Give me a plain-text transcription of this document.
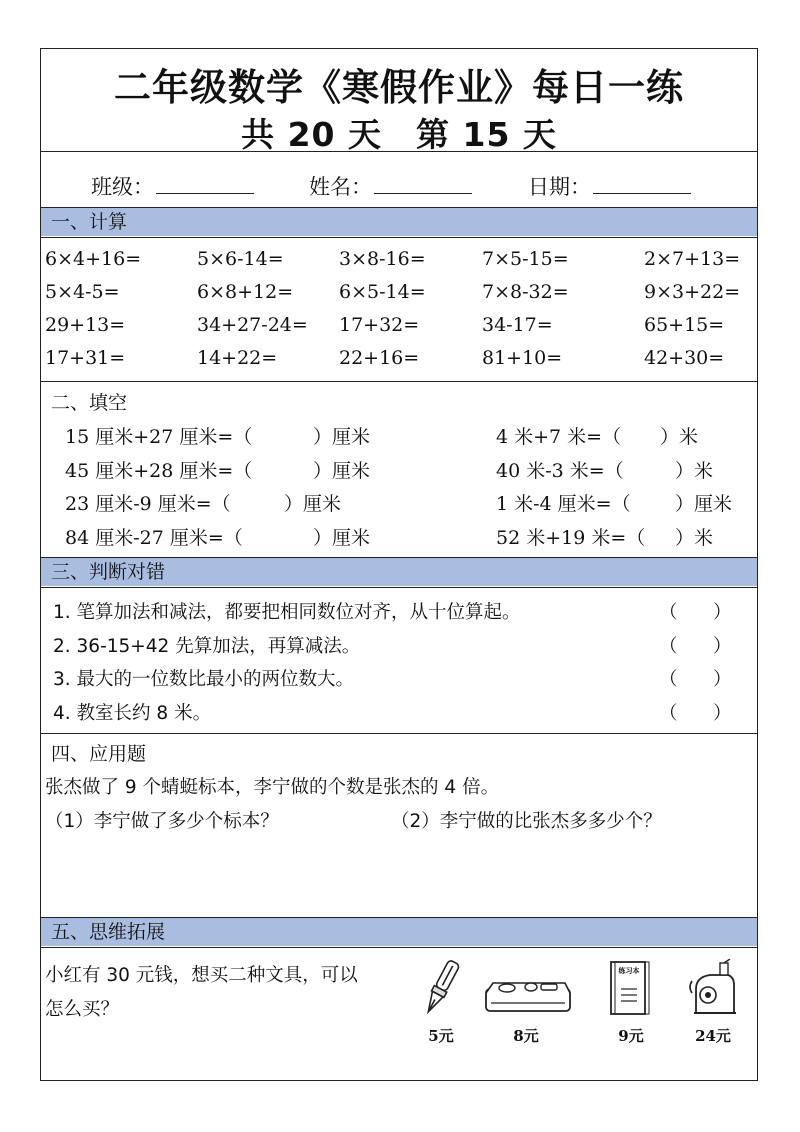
二年级数学《寒假作业》每日一练
共 20 天　第 15 天
班级：	姓名：	日期：
一、计算
6×4+16=	5×6-14=	3×8-16=	7×5-15=	2×7+13=
5×4-5=	6×8+12= 6×5-14=	7×8-32=	9×3+22=
29+13=	34+27-24= 17+32=	34-17=	65+15=
17+31=	14+22=	22+16=	81+10=	42+30=
二、填空
15 厘米+27 厘米=（	）厘米	4 米+7 米=（ ）米
45 厘米+28 厘米=（	）厘米	40 米-3 米=（	）米
23 厘米-9 厘米=（	）厘米	1 米-4 厘米=（ ）厘米
84 厘米-27 厘米=（	）厘米	52 米+19 米=（ ）米
三、判断对错
1. 笔算加法和减法，都要把相同数位对齐，从十位算起。	（ ）
2. 36-15+42 先算加法，再算减法。	（ ）
3. 最大的一位数比最小的两位数大。	（ ）
4. 教室长约 8 米。	（ ）
四、应用题
张杰做了 9 个蜻蜓标本，李宁做的个数是张杰的 4 倍。
（1）李宁做了多少个标本？	（2）李宁做的比张杰多多少个？
五、思维拓展
小红有 30 元钱，想买二种文具，可以
怎么买？
5元	8元
练习本
9元	24元
